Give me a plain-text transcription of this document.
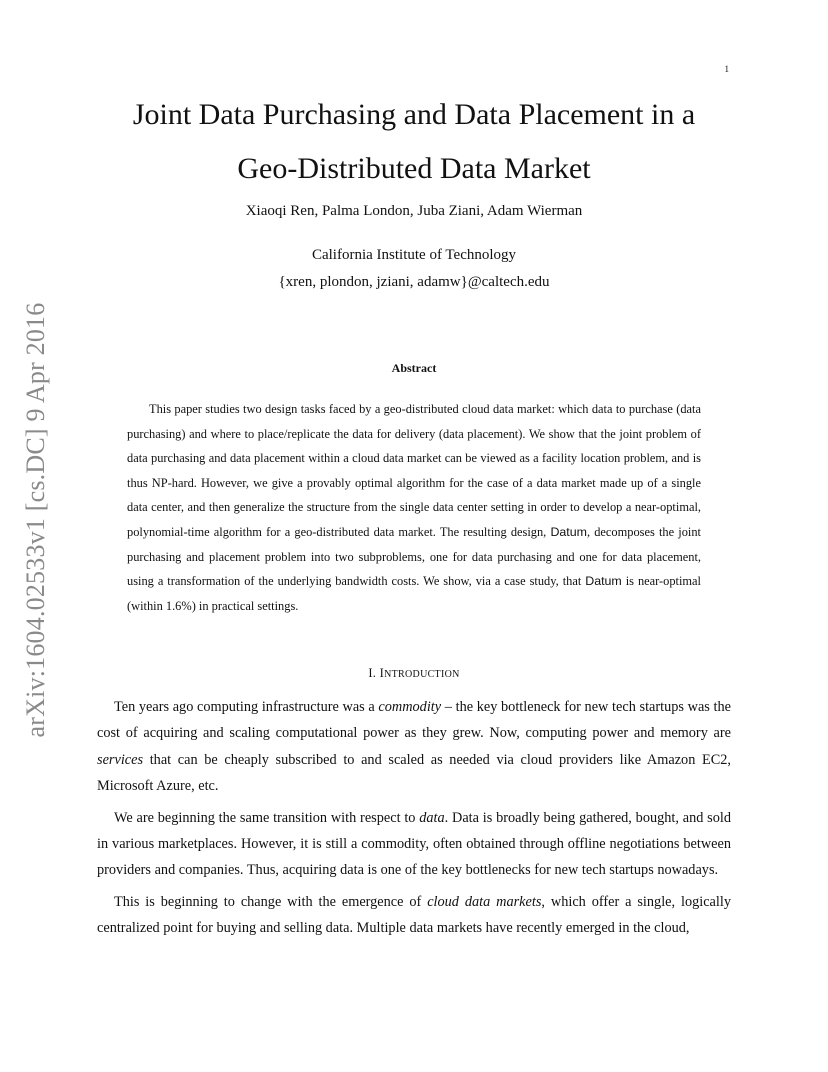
1
arXiv:1604.02533v1 [cs.DC] 9 Apr 2016
Joint Data Purchasing and Data Placement in a
Geo-Distributed Data Market
Xiaoqi Ren, Palma London, Juba Ziani, Adam Wierman
California Institute of Technology
{xren, plondon, jziani, adamw}@caltech.edu
Abstract

This paper studies two design tasks faced by a geo-distributed cloud data market: which data to purchase (data purchasing) and where to place/replicate the data for delivery (data placement). We show that the joint problem of data purchasing and data placement within a cloud data market can be viewed as a facility location problem, and is thus NP-hard. However, we give a provably optimal algorithm for the case of a data market made up of a single data center, and then generalize the structure from the single data center setting in order to develop a near-optimal, polynomial-time algorithm for a geo-distributed data market. The resulting design, Datum, decomposes the joint purchasing and placement problem into two subproblems, one for data purchasing and one for data placement, using a transformation of the underlying bandwidth costs. We show, via a case study, that Datum is near-optimal (within 1.6%) in practical settings.

I. INTRODUCTION

Ten years ago computing infrastructure was a commodity – the key bottleneck for new tech startups was the cost of acquiring and scaling computational power as they grew. Now, computing power and memory are services that can be cheaply subscribed to and scaled as needed via cloud providers like Amazon EC2, Microsoft Azure, etc.

We are beginning the same transition with respect to data. Data is broadly being gathered, bought, and sold in various marketplaces. However, it is still a commodity, often obtained through offline negotiations between providers and companies. Thus, acquiring data is one of the key bottlenecks for new tech startups nowadays.

This is beginning to change with the emergence of cloud data markets, which offer a single, logically centralized point for buying and selling data. Multiple data markets have recently emerged in the cloud,
